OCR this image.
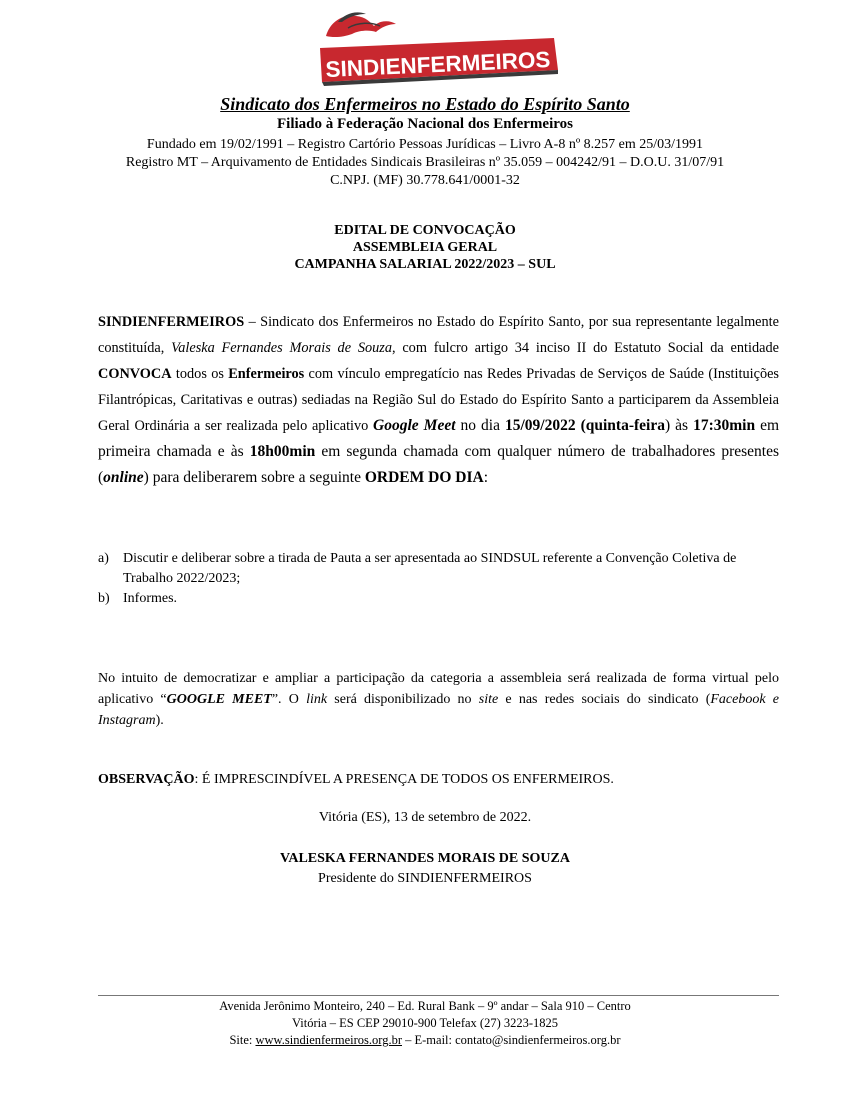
SINDIENFERMEIROS
Sindicato dos Enfermeiros no Estado do Espírito Santo
Filiado à Federação Nacional dos Enfermeiros
Fundado em 19/02/1991 – Registro Cartório Pessoas Jurídicas – Livro A-8 nº 8.257 em 25/03/1991
Registro MT – Arquivamento de Entidades Sindicais Brasileiras nº 35.059 – 004242/91 – D.O.U. 31/07/91
C.NPJ. (MF) 30.778.641/0001-32
EDITAL DE CONVOCAÇÃO
ASSEMBLEIA GERAL
CAMPANHA SALARIAL 2022/2023 – SUL
SINDIENFERMEIROS – Sindicato dos Enfermeiros no Estado do Espírito Santo, por sua representante legalmente constituída, Valeska Fernandes Morais de Souza, com fulcro artigo 34 inciso II do Estatuto Social da entidade CONVOCA todos os Enfermeiros com vínculo empregatício nas Redes Privadas de Serviços de Saúde (Instituições Filantrópicas, Caritativas e outras) sediadas na Região Sul do Estado do Espírito Santo a participarem da Assembleia Geral Ordinária a ser realizada pelo aplicativo Google Meet no dia 15/09/2022 (quinta-feira) às 17:30min em primeira chamada e às 18h00min em segunda chamada com qualquer número de trabalhadores presentes (online) para deliberarem sobre a seguinte ORDEM DO DIA:
a)	Discutir e deliberar sobre a tirada de Pauta a ser apresentada ao SINDSUL referente a Convenção Coletiva de Trabalho 2022/2023;
b) Informes.
No intuito de democratizar e ampliar a participação da categoria a assembleia será realizada de forma virtual pelo aplicativo “GOOGLE MEET”. O link será disponibilizado no site e nas redes sociais do sindicato (Facebook e Instagram).
OBSERVAÇÃO: É IMPRESCINDÍVEL A PRESENÇA DE TODOS OS ENFERMEIROS.
Vitória (ES), 13 de setembro de 2022.
VALESKA FERNANDES MORAIS DE SOUZA
Presidente do SINDIENFERMEIROS
Avenida Jerônimo Monteiro, 240 – Ed. Rural Bank – 9º andar – Sala 910 – Centro
Vitória – ES CEP 29010-900 Telefax (27) 3223-1825
Site: www.sindienfermeiros.org.br – E-mail: contato@sindienfermeiros.org.br
